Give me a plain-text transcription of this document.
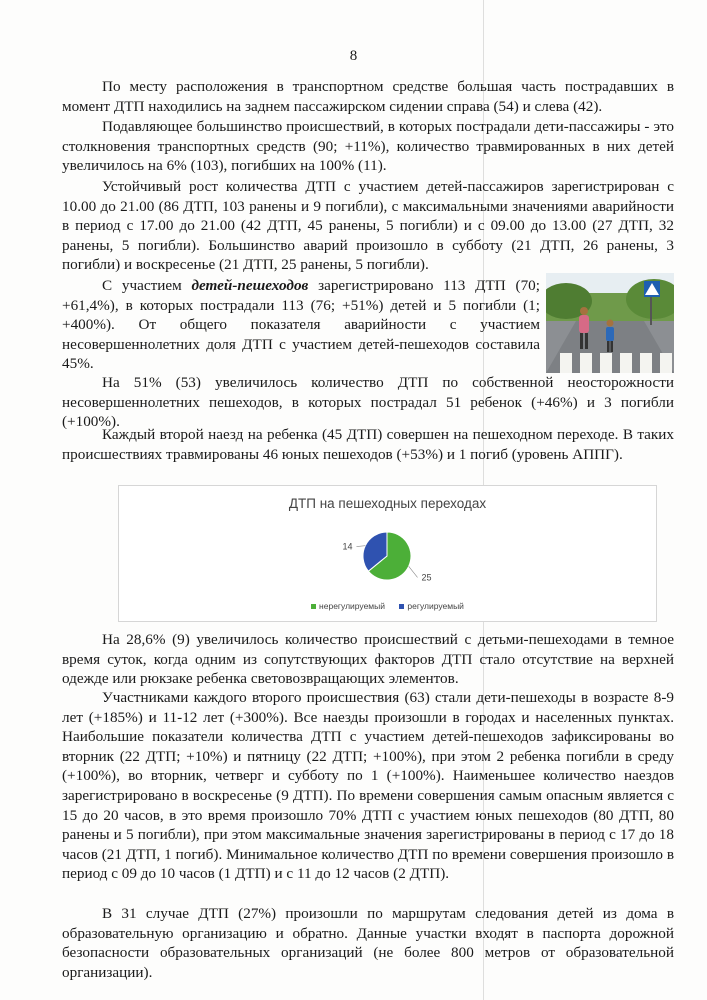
8

По месту расположения в транспортном средстве большая часть пострадавших в момент ДТП находились на заднем пассажирском сидении справа (54) и слева (42).

Подавляющее большинство происшествий, в которых пострадали дети-пассажиры - это столкновения транспортных средств (90; +11%), количество травмированных в них детей увеличилось на 6% (103), погибших на 100% (11).

Устойчивый рост количества ДТП с участием детей-пассажиров зарегистрирован с 10.00 до 21.00 (86 ДТП, 103 ранены и 9 погибли), с максимальными значениями аварийности в период с 17.00 до 21.00 (42 ДТП, 45 ранены, 5 погибли) и с 09.00 до 13.00 (27 ДТП, 32 ранены, 5 погибли). Большинство аварий произошло в субботу (21 ДТП, 26 ранены, 3 погибли) и воскресенье (21 ДТП, 25 ранены, 5 погибли).

С участием детей-пешеходов зарегистрировано 113 ДТП (70; +61,4%), в которых пострадали 113 (76; +51%) детей и 5 погибли (1; +400%). От общего показателя аварийности с участием несовершеннолетних доля ДТП с участием детей-пешеходов составила 45%.

На 51% (53) увеличилось количество ДТП по собственной неосторожности несовершеннолетних пешеходов, в которых пострадал 51 ребенок (+46%) и 3 погибли (+100%).

Каждый второй наезд на ребенка (45 ДТП) совершен на пешеходном переходе. В таких происшествиях травмированы 46 юных пешеходов (+53%) и 1 погиб (уровень АППГ).

ДТП на пешеходных переходах
25
14
нерегулируемый	регулируемый

На 28,6% (9) увеличилось количество происшествий с детьми-пешеходами в темное время суток, когда одним из сопутствующих факторов ДТП стало отсутствие на верхней одежде или рюкзаке ребенка световозвращающих элементов.

Участниками каждого второго происшествия (63) стали дети-пешеходы в возрасте 8-9 лет (+185%) и 11-12 лет (+300%). Все наезды произошли в городах и населенных пунктах. Наибольшие показатели количества ДТП с участием детей-пешеходов зафиксированы во вторник (22 ДТП; +10%) и пятницу (22 ДТП; +100%), при этом 2 ребенка погибли в среду (+100%), во вторник, четверг и субботу по 1 (+100%). Наименьшее количество наездов зарегистрировано в воскресенье (9 ДТП). По времени совершения самым опасным является с 15 до 20 часов, в это время произошло 70% ДТП с участием юных пешеходов (80 ДТП, 80 ранены и 5 погибли), при этом максимальные значения зарегистрированы в период с 17 до 18 часов (21 ДТП, 1 погиб). Минимальное количество ДТП по времени совершения произошло в период с 09 до 10 часов (1 ДТП) и с 11 до 12 часов (2 ДТП).

В 31 случае ДТП (27%) произошли по маршрутам следования детей из дома в образовательную организацию и обратно. Данные участки входят в паспорта дорожной безопасности образовательных организаций (не более 800 метров от образовательной организации).
